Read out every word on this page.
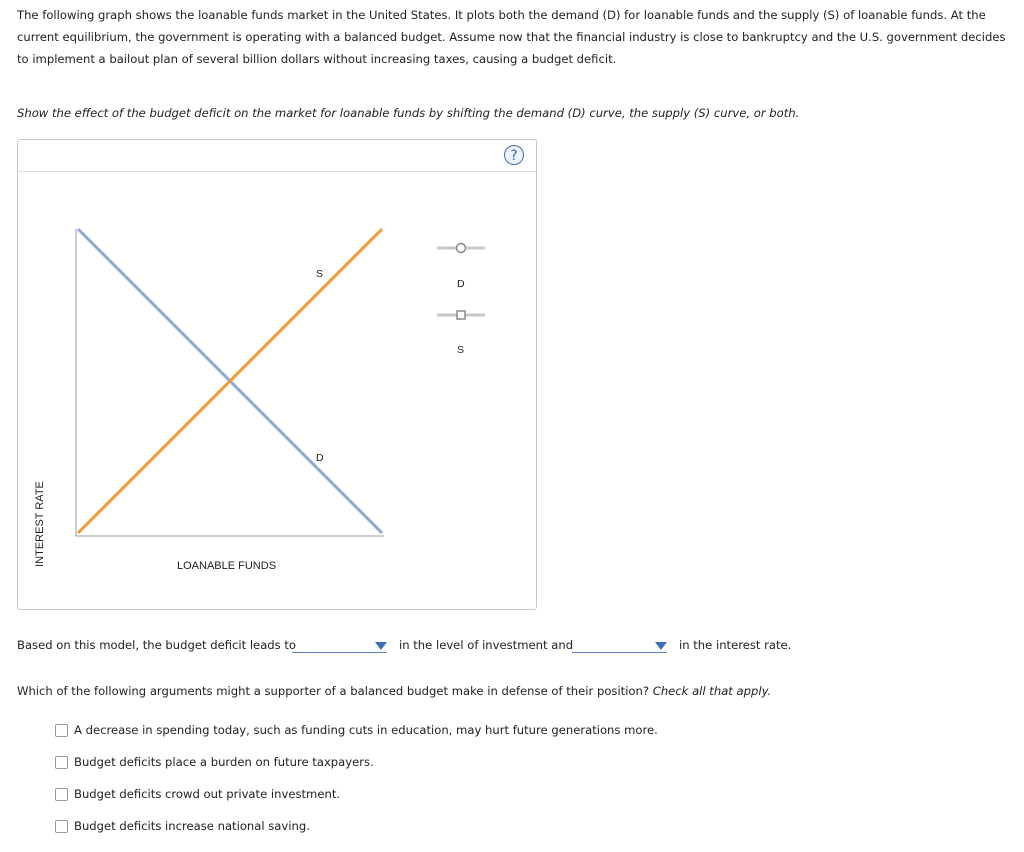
The following graph shows the loanable funds market in the United States. It plots both the demand (D) for loanable funds and the supply (S) of loanable funds. At the current equilibrium, the government is operating with a balanced budget. Assume now that the financial industry is close to bankruptcy and the U.S. government decides to implement a bailout plan of several billion dollars without increasing taxes, causing a budget deficit.
Show the effect of the budget deficit on the market for loanable funds by shifting the demand (D) curve, the supply (S) curve, or both.
?
INTEREST RATE	LOANABLE FUNDS
S
D
D
S
Based on this model, the budget deficit leads to	in the level of investment and	in the interest rate.
Which of the following arguments might a supporter of a balanced budget make in defense of their position? Check all that apply.
A decrease in spending today, such as funding cuts in education, may hurt future generations more.
Budget deficits place a burden on future taxpayers.
Budget deficits crowd out private investment.
Budget deficits increase national saving.
